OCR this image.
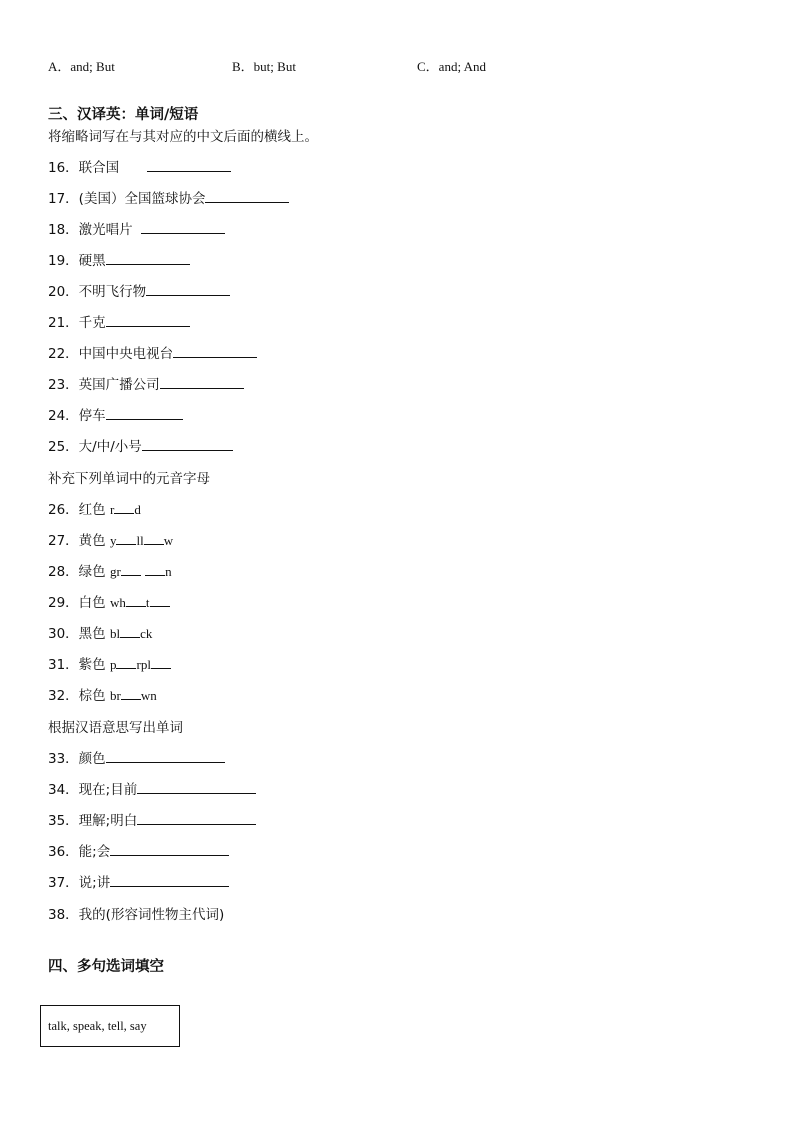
A．and; But	B．but; But	C．and; And
三、汉译英：单词/短语
将缩略词写在与其对应的中文后面的横线上。
16．联合国
17．(美国）全国篮球协会
18．激光唱片
19．硬黑
20．不明飞行物
21．千克
22．中国中央电视台
23．英国广播公司
24．停车
25．大/中/小号
补充下列单词中的元音字母
26．红色 r d
27．黄色 y ll w
28．绿色 gr	n
29．白色 wh t
30．黑色 bl ck
31．紫色 p rpl
32．棕色 br wn
根据汉语意思写出单词
33．颜色
34．现在;目前
35．理解;明白
36．能;会
37．说;讲
38．我的(形容词性物主代词)
四、多句选词填空
talk, speak, tell, say
